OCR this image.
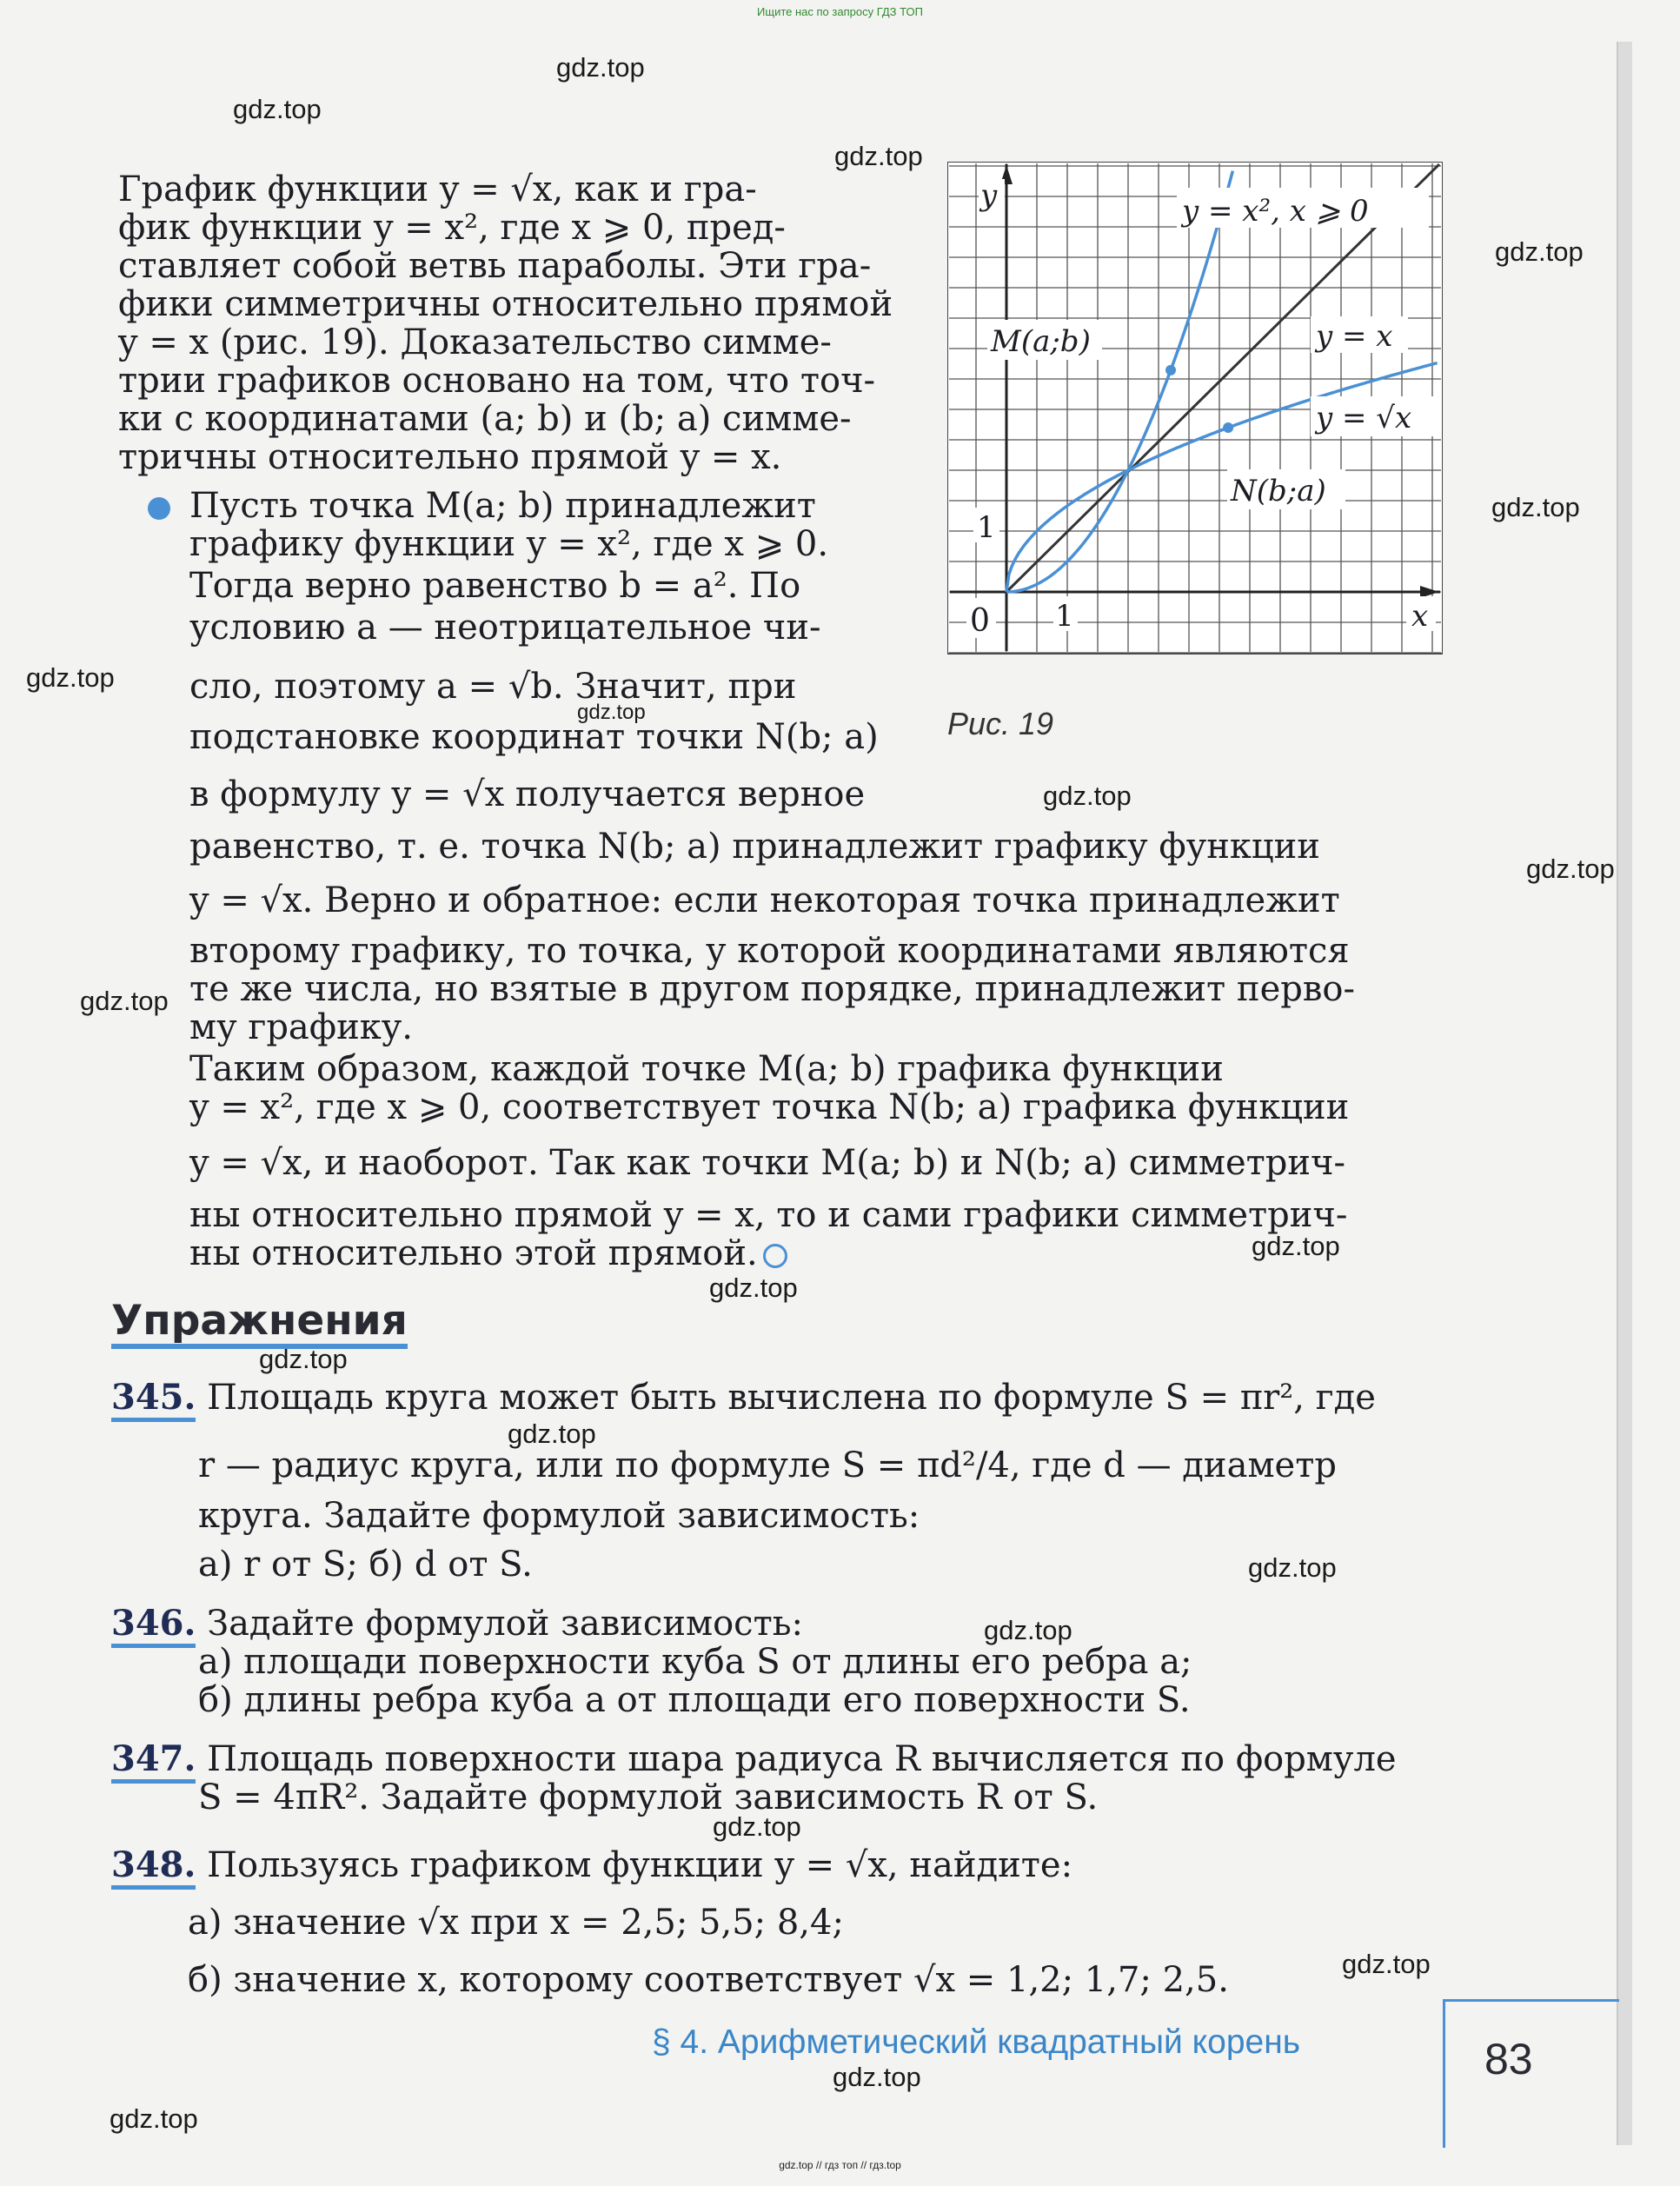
Ищите нас по запросу ГДЗ ТОП
gdz.top
gdz.top
gdz.top
gdz.top
gdz.top
gdz.top
gdz.top
gdz.top
gdz.top
gdz.top
gdz.top
gdz.top
gdz.top
gdz.top
gdz.top
gdz.top
gdz.top
gdz.top
gdz.top
gdz.top
График функции y = √x, как и гра-
фик функции y = x², где x ⩾ 0, пред-
ставляет собой ветвь параболы. Эти гра-
фики симметричны относительно прямой
y = x (рис. 19). Доказательство симме-
трии графиков основано на том, что точ-
ки с координатами (a; b) и (b; a) симме-
тричны относительно прямой y = x.
Пусть точка M(a; b) принадлежит
графику функции y = x², где x ⩾ 0.
Тогда верно равенство b = a². По
условию a — неотрицательное чи-
сло, поэтому a = √b. Значит, при
подстановке координат точки N(b; a)
в формулу y = √x получается верное
равенство, т. е. точка N(b; a) принадлежит графику функции
y = √x. Верно и обратное: если некоторая точка принадлежит
второму графику, то точка, у которой координатами являются
те же числа, но взятые в другом порядке, принадлежит перво-
му графику.
Таким образом, каждой точке M(a; b) графика функции
y = x², где x ⩾ 0, соответствует точка N(b; a) графика функции
y = √x, и наоборот. Так как точки M(a; b) и N(b; a) симметрич-
ны относительно прямой y = x, то и сами графики симметрич-
ны относительно этой прямой.
y = x², x ⩾ 0
M(a;b)	y = x
y = √x
N(b;a)
y
x
0 1
1
Рис. 19
Упражнения
345. Площадь круга может быть вычислена по формуле S = πr², где
r — радиус круга, или по формуле S = πd²/4, где d — диаметр
круга. Задайте формулой зависимость:
а) r от S; б) d от S.
346. Задайте формулой зависимость:
а) площади поверхности куба S от длины его ребра a;
б) длины ребра куба a от площади его поверхности S.
347. Площадь поверхности шара радиуса R вычисляется по формуле
S = 4πR². Задайте формулой зависимость R от S.
348. Пользуясь графиком функции y = √x, найдите:
а) значение √x при x = 2,5; 5,5; 8,4;
б) значение x, которому соответствует √x = 1,2; 1,7; 2,5.
§ 4. Арифметический квадратный корень	83
gdz.top // гдз топ // гдз.top
